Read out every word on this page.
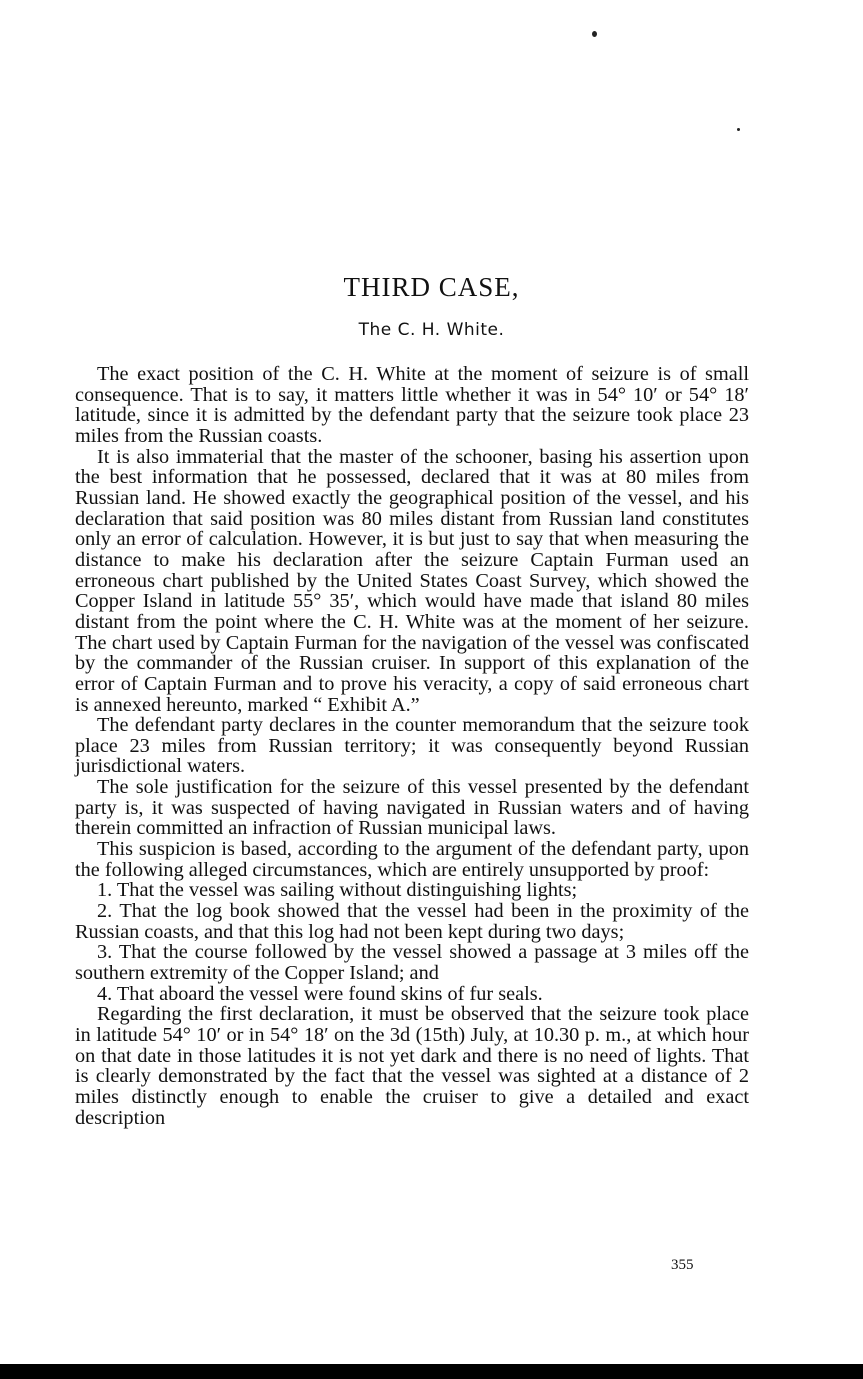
THIRD CASE,
The C. H. White.

The exact position of the C. H. White at the moment of seizure is of small consequence. That is to say, it matters little whether it was in 54° 10′ or 54° 18′ latitude, since it is admitted by the defendant party that the seizure took place 23 miles from the Russian coasts.

It is also immaterial that the master of the schooner, basing his assertion upon the best information that he possessed, declared that it was at 80 miles from Russian land. He showed exactly the geographical position of the vessel, and his declaration that said position was 80 miles distant from Russian land constitutes only an error of calculation. However, it is but just to say that when measuring the distance to make his declaration after the seizure Captain Furman used an erroneous chart published by the United States Coast Survey, which showed the Copper Island in latitude 55° 35′, which would have made that island 80 miles distant from the point where the C. H. White was at the moment of her seizure. The chart used by Captain Furman for the navigation of the vessel was confiscated by the commander of the Russian cruiser. In support of this explanation of the error of Captain Furman and to prove his veracity, a copy of said erroneous chart is annexed hereunto, marked “ Exhibit A.”

The defendant party declares in the counter memorandum that the seizure took place 23 miles from Russian territory; it was consequently beyond Russian jurisdictional waters.

The sole justification for the seizure of this vessel presented by the defendant party is, it was suspected of having navigated in Russian waters and of having therein committed an infraction of Russian municipal laws.

This suspicion is based, according to the argument of the defendant party, upon the following alleged circumstances, which are entirely unsupported by proof:

1. That the vessel was sailing without distinguishing lights;

2. That the log book showed that the vessel had been in the proximity of the Russian coasts, and that this log had not been kept during two days;

3. That the course followed by the vessel showed a passage at 3 miles off the southern extremity of the Copper Island; and

4. That aboard the vessel were found skins of fur seals.

Regarding the first declaration, it must be observed that the seizure took place in latitude 54° 10′ or in 54° 18′ on the 3d (15th) July, at 10.30 p. m., at which hour on that date in those latitudes it is not yet dark and there is no need of lights. That is clearly demonstrated by the fact that the vessel was sighted at a distance of 2 miles distinctly enough to enable the cruiser to give a detailed and exact description

355
